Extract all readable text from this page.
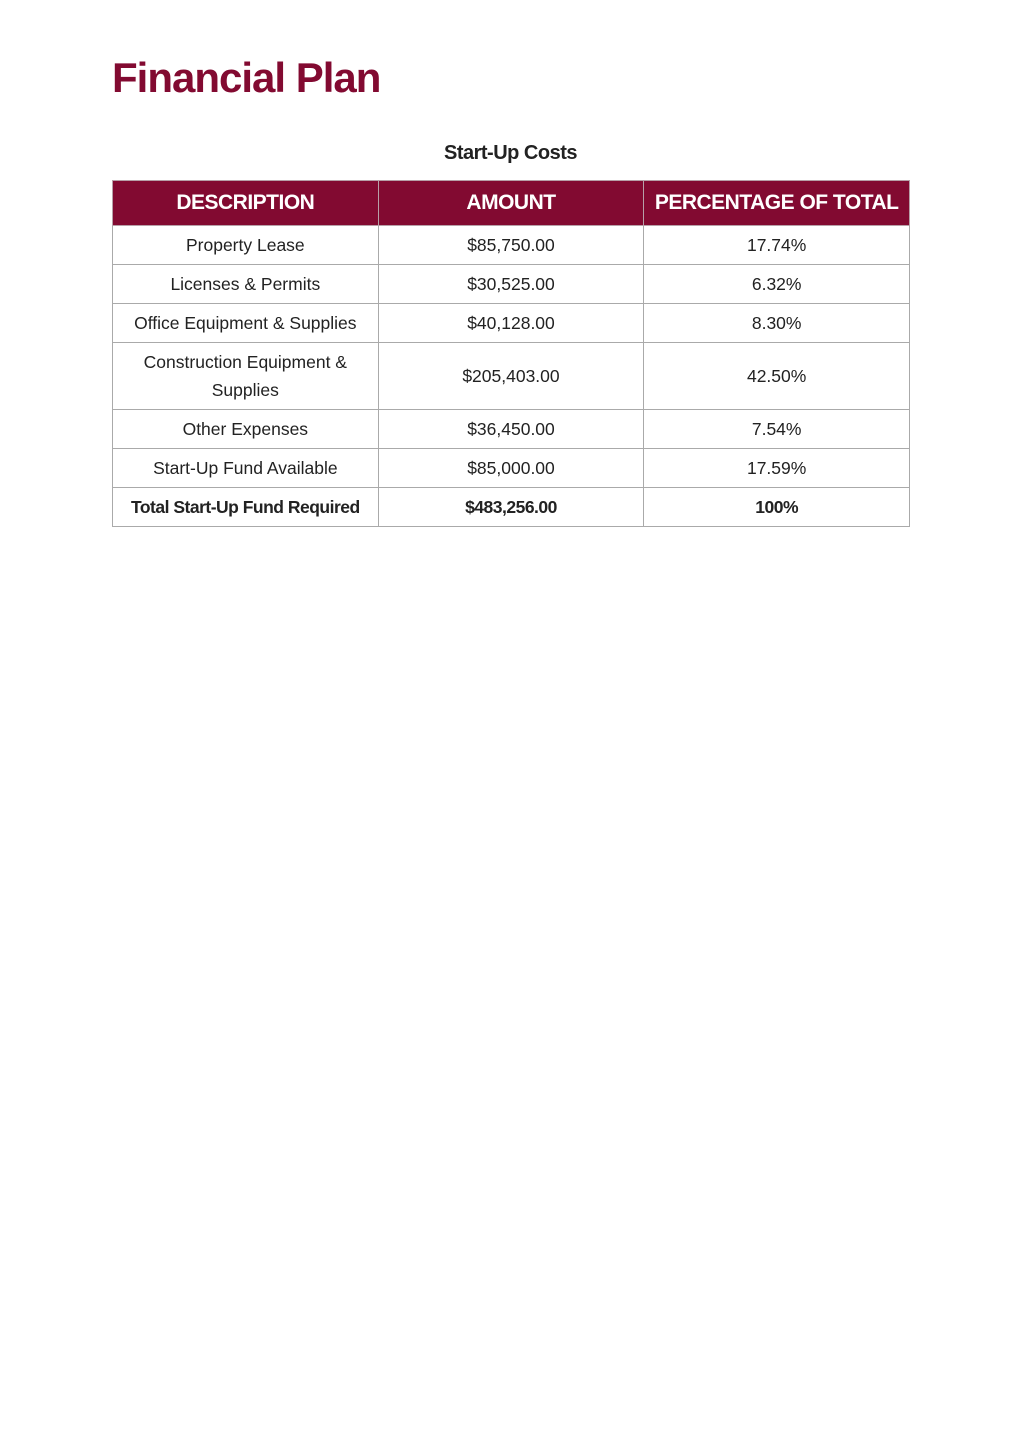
Financial Plan
Start-Up Costs
DESCRIPTION	AMOUNT	PERCENTAGE OF TOTAL
Property Lease	$85,750.00	17.74%
Licenses & Permits	$30,525.00	6.32%
Office Equipment & Supplies	$40,128.00	8.30%
Construction Equipment & Supplies	$205,403.00	42.50%
Other Expenses	$36,450.00	7.54%
Start-Up Fund Available	$85,000.00	17.59%
Total Start-Up Fund Required	$483,256.00	100%
